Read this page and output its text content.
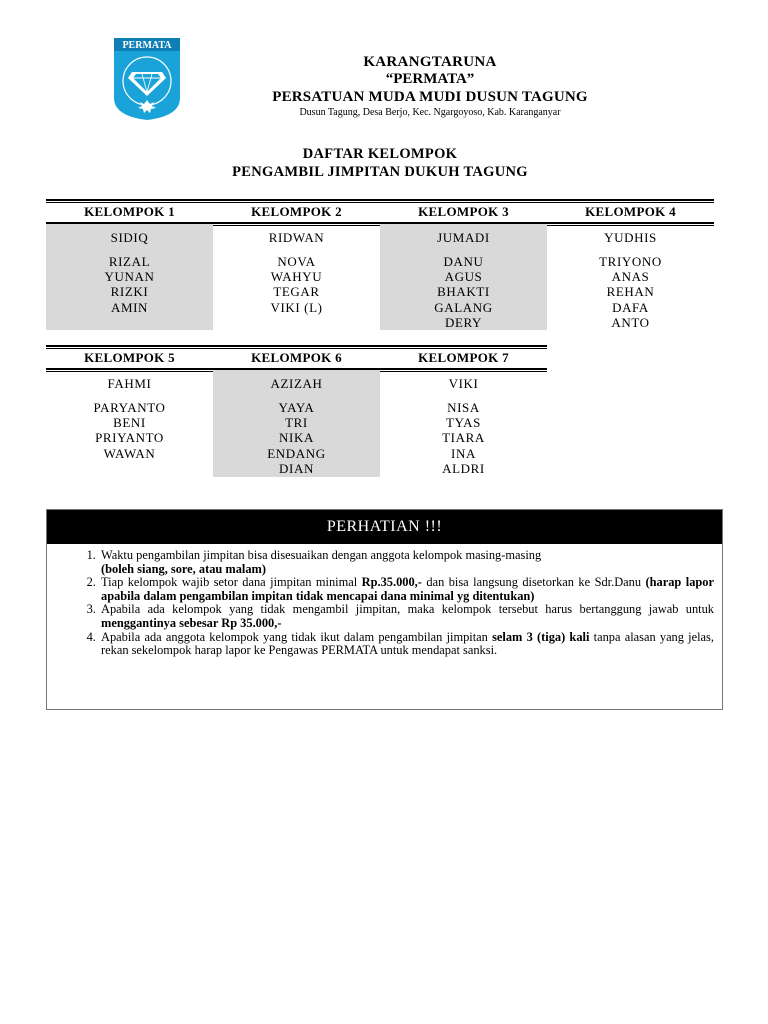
PERMATA
KARANGTARUNA
“PERMATA”
PERSATUAN MUDA MUDI DUSUN TAGUNG
Dusun Tagung, Desa Berjo, Kec. Ngargoyoso, Kab. Karanganyar
DAFTAR KELOMPOK
PENGAMBIL JIMPITAN DUKUH TAGUNG
KELOMPOK 1
SIDIQ
RIZAL
YUNAN
RIZKI
AMIN
KELOMPOK 2
RIDWAN
NOVA
WAHYU
TEGAR
VIKI (L)
KELOMPOK 3
JUMADI
DANU
AGUS
BHAKTI
GALANG
DERY
KELOMPOK 4
YUDHIS
TRIYONO
ANAS
REHAN
DAFA
ANTO
KELOMPOK 5
FAHMI
PARYANTO
BENI
PRIYANTO
WAWAN
KELOMPOK 6
AZIZAH
YAYA
TRI
NIKA
ENDANG
DIAN
KELOMPOK 7
VIKI
NISA
TYAS
TIARA
INA
ALDRI
PERHATIAN !!!
1. Waktu pengambilan jimpitan bisa disesuaikan dengan anggota kelompok masing-masing
(boleh siang, sore, atau malam)
2. Tiap kelompok wajib setor dana jimpitan minimal Rp.35.000,- dan bisa langsung disetorkan ke Sdr.Danu (harap lapor apabila dalam pengambilan impitan tidak mencapai dana minimal yg ditentukan)
3. Apabila ada kelompok yang tidak mengambil jimpitan, maka kelompok tersebut harus bertanggung jawab untuk menggantinya sebesar Rp 35.000,-
4. Apabila ada anggota kelompok yang tidak ikut dalam pengambilan jimpitan selam 3 (tiga) kali tanpa alasan yang jelas, rekan sekelompok harap lapor ke Pengawas PERMATA untuk mendapat sanksi.
